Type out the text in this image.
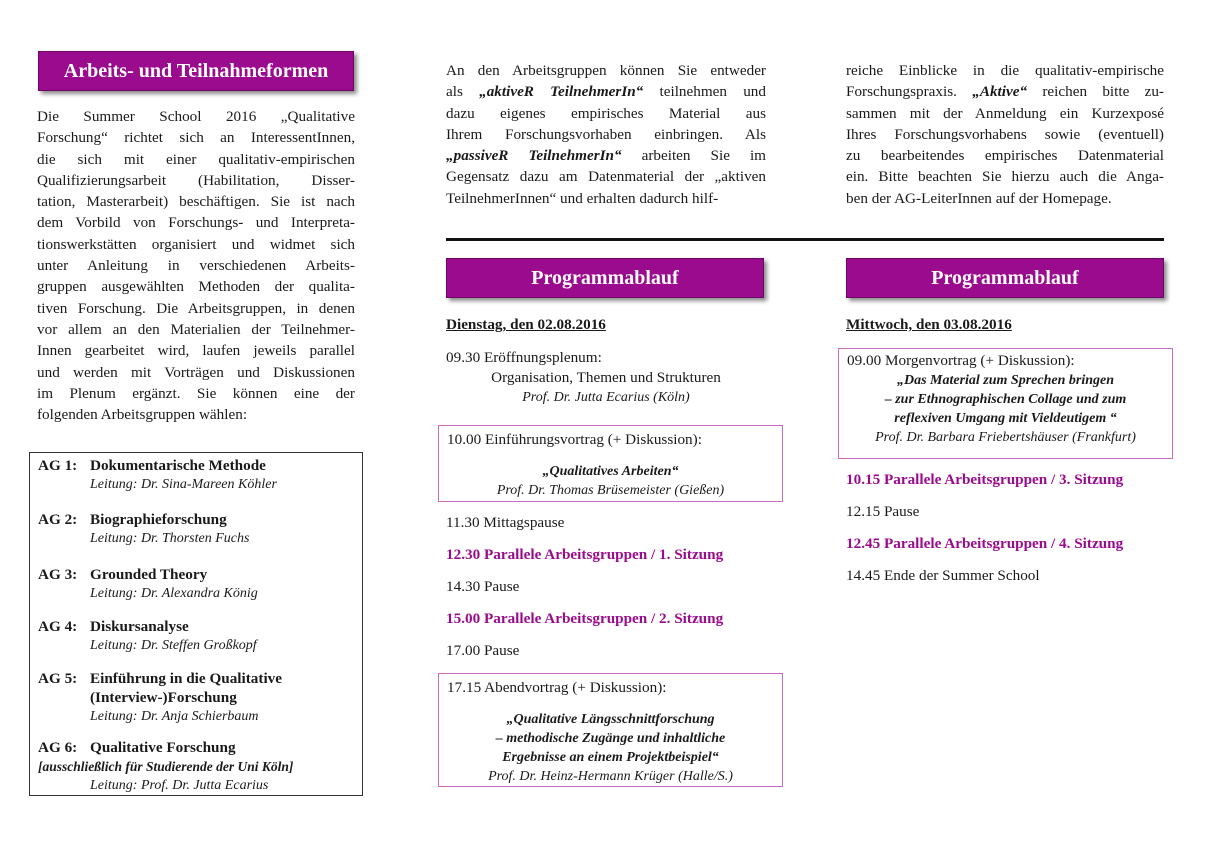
Arbeits- und Teilnahmeformen
Die Summer School 2016 „Qualitative
Forschung“ richtet sich an InteressentInnen,
die sich mit einer qualitativ-empirischen
Qualifizierungsarbeit (Habilitation, Disser-
tation, Masterarbeit) beschäftigen. Sie ist nach
dem Vorbild von Forschungs- und Interpreta-
tionswerkstätten organisiert und widmet sich
unter Anleitung in verschiedenen Arbeits-
gruppen ausgewählten Methoden der qualita-
tiven Forschung. Die Arbeitsgruppen, in denen
vor allem an den Materialien der Teilnehmer-
Innen gearbeitet wird, laufen jeweils parallel
und werden mit Vorträgen und Diskussionen
im Plenum ergänzt. Sie können eine der
folgenden Arbeitsgruppen wählen:
AG 1: Dokumentarische Methode
Leitung: Dr. Sina-Mareen Köhler
AG 2: Biographieforschung
Leitung: Dr. Thorsten Fuchs
AG 3: Grounded Theory
Leitung: Dr. Alexandra König
AG 4: Diskursanalyse
Leitung: Dr. Steffen Großkopf
AG 5: Einführung in die Qualitative
(Interview-)Forschung
Leitung: Dr. Anja Schierbaum
AG 6: Qualitative Forschung
[ausschließlich für Studierende der Uni Köln]
Leitung: Prof. Dr. Jutta Ecarius
An den Arbeitsgruppen können Sie entweder
als „aktiveR TeilnehmerIn“ teilnehmen und
dazu eigenes empirisches Material aus
Ihrem Forschungsvorhaben einbringen. Als
„passiveR TeilnehmerIn“ arbeiten Sie im
Gegensatz dazu am Datenmaterial der „aktiven
TeilnehmerInnen“ und erhalten dadurch hilf-
reiche Einblicke in die qualitativ-empirische
Forschungspraxis. „Aktive“ reichen bitte zu-
sammen mit der Anmeldung ein Kurzexposé
Ihres Forschungsvorhabens sowie (eventuell)
zu bearbeitendes empirisches Datenmaterial
ein. Bitte beachten Sie hierzu auch die Anga-
ben der AG-LeiterInnen auf der Homepage.
Programmablauf
Dienstag, den 02.08.2016
09.30 Eröffnungsplenum:
Organisation, Themen und Strukturen
Prof. Dr. Jutta Ecarius (Köln)
10.00 Einführungsvortrag (+ Diskussion):
„Qualitatives Arbeiten“
Prof. Dr. Thomas Brüsemeister (Gießen)
11.30 Mittagspause
12.30 Parallele Arbeitsgruppen / 1. Sitzung
14.30 Pause
15.00 Parallele Arbeitsgruppen / 2. Sitzung
17.00 Pause
17.15 Abendvortrag (+ Diskussion):
„Qualitative Längsschnittforschung
– methodische Zugänge und inhaltliche
Ergebnisse an einem Projektbeispiel“
Prof. Dr. Heinz-Hermann Krüger (Halle/S.)
Programmablauf
Mittwoch, den 03.08.2016
09.00 Morgenvortrag (+ Diskussion):
„Das Material zum Sprechen bringen
– zur Ethnographischen Collage und zum
reflexiven Umgang mit Vieldeutigem “
Prof. Dr. Barbara Friebertshäuser (Frankfurt)
10.15 Parallele Arbeitsgruppen / 3. Sitzung
12.15 Pause
12.45 Parallele Arbeitsgruppen / 4. Sitzung
14.45 Ende der Summer School
